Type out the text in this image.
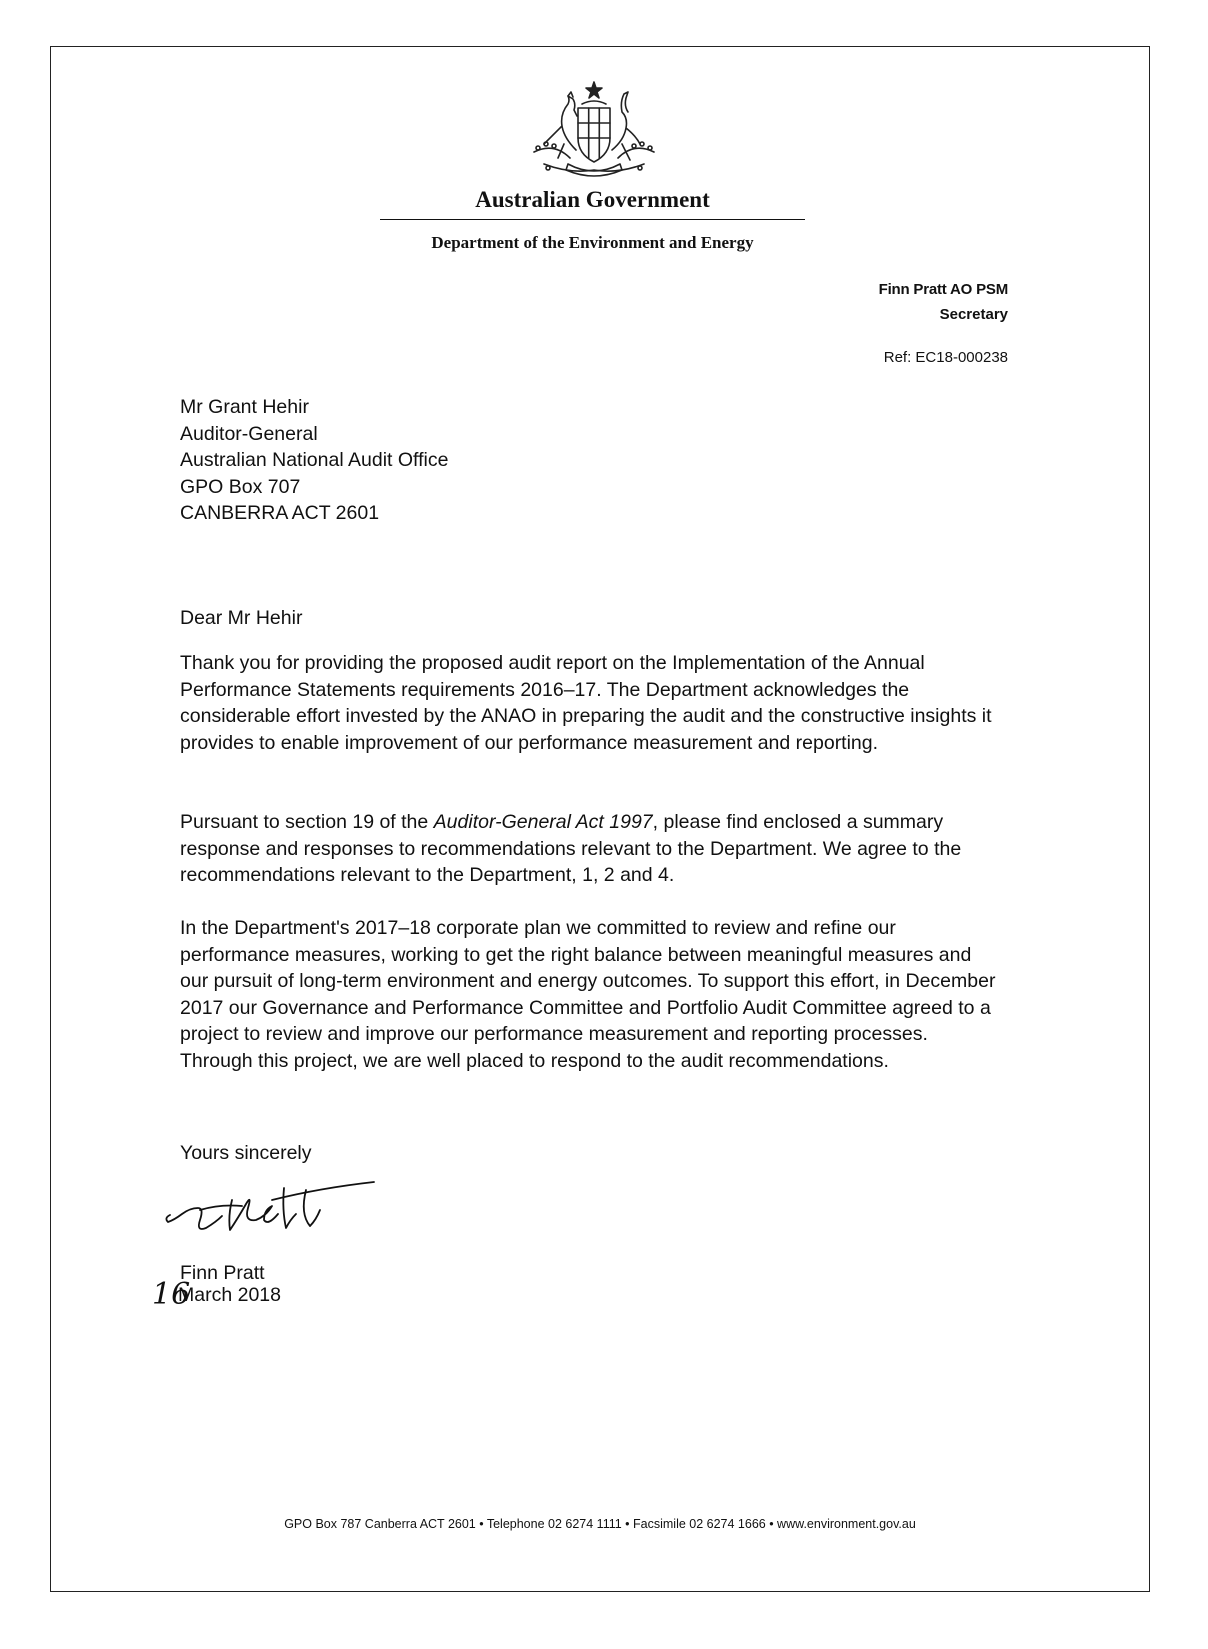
Australian Government
Department of the Environment and Energy
Finn Pratt AO PSM
Secretary
Ref: EC18-000238
Mr Grant Hehir
Auditor-General
Australian National Audit Office
GPO Box 707
CANBERRA ACT 2601
Dear Mr Hehir

Thank you for providing the proposed audit report on the Implementation of the Annual Performance Statements requirements 2016–17. The Department acknowledges the considerable effort invested by the ANAO in preparing the audit and the constructive insights it provides to enable improvement of our performance measurement and reporting.

Pursuant to section 19 of the Auditor-General Act 1997, please find enclosed a summary response and responses to recommendations relevant to the Department. We agree to the recommendations relevant to the Department, 1, 2 and 4.

In the Department's 2017–18 corporate plan we committed to review and refine our performance measures, working to get the right balance between meaningful measures and our pursuit of long-term environment and energy outcomes. To support this effort, in December 2017 our Governance and Performance Committee and Portfolio Audit Committee agreed to a project to review and improve our performance measurement and reporting processes. Through this project, we are well placed to respond to the audit recommendations.

Yours sincerely
Finn Pratt
16March 2018
GPO Box 787 Canberra ACT 2601 • Telephone 02 6274 1111 • Facsimile 02 6274 1666 • www.environment.gov.au
